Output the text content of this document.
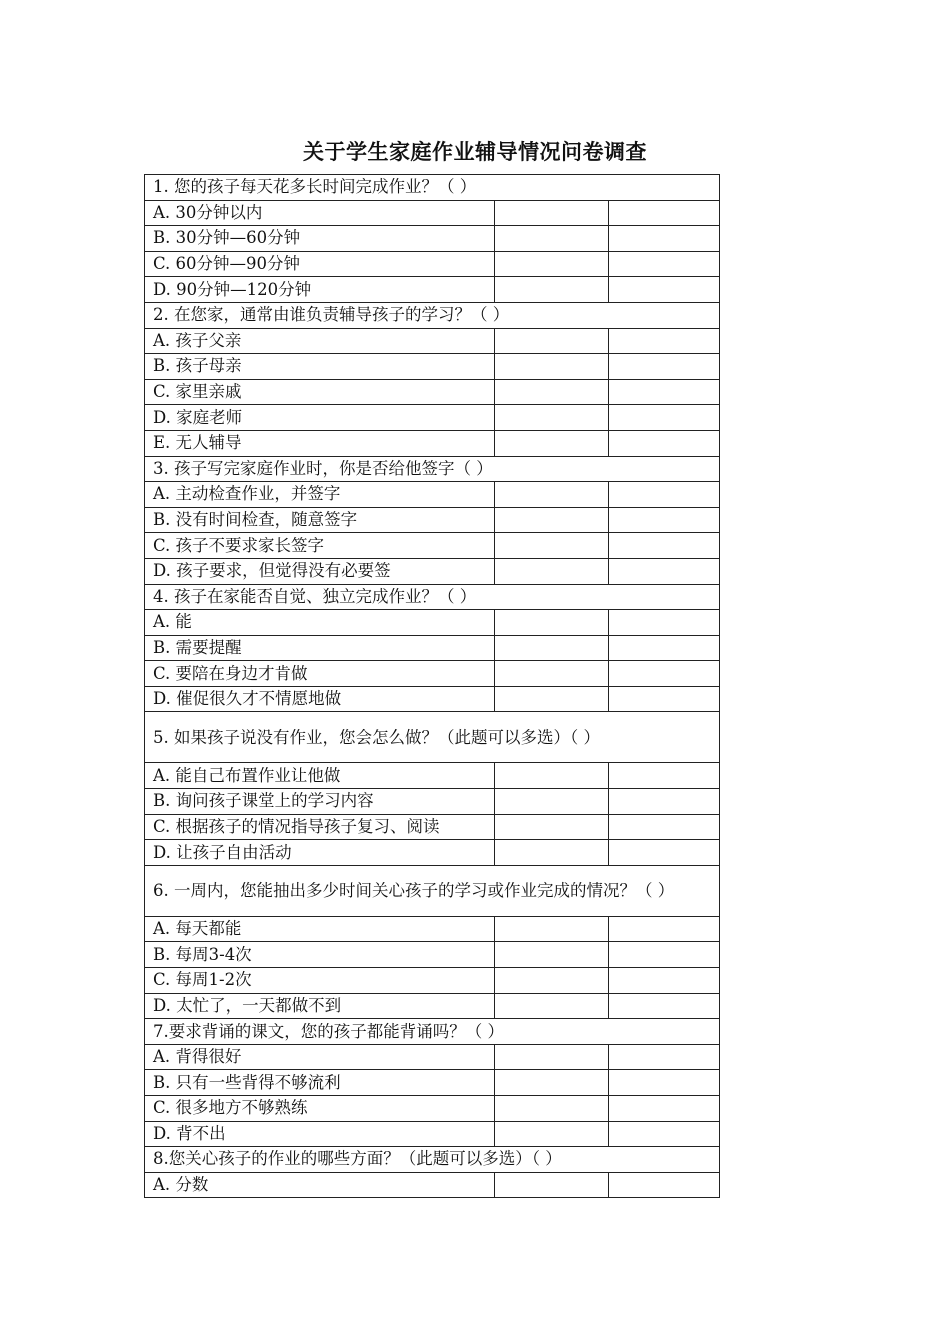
关于学生家庭作业辅导情况问卷调查
1. 您的孩子每天花多长时间完成作业？（ ）		
A. 30分钟以内		
B. 30分钟—60分钟		
C. 60分钟—90分钟		
D. 90分钟—120分钟		
2. 在您家，通常由谁负责辅导孩子的学习？（ ）		
A. 孩子父亲		
B. 孩子母亲		
C. 家里亲戚		
D. 家庭老师		
E. 无人辅导		
3. 孩子写完家庭作业时，你是否给他签字（ ）		
A. 主动检查作业，并签字		
B. 没有时间检查，随意签字		
C. 孩子不要求家长签字		
D. 孩子要求，但觉得没有必要签		
4. 孩子在家能否自觉、独立完成作业？（ ）		
A. 能		
B. 需要提醒		
C. 要陪在身边才肯做		
D. 催促很久才不情愿地做		
5. 如果孩子说没有作业，您会怎么做？（此题可以多选）（ ）		
A. 能自己布置作业让他做		
B. 询问孩子课堂上的学习内容		
C. 根据孩子的情况指导孩子复习、阅读		
D. 让孩子自由活动		
6. 一周内，您能抽出多少时间关心孩子的学习或作业完成的情况？（ ）		
A. 每天都能		
B. 每周3-4次		
C. 每周1-2次		
D. 太忙了，一天都做不到		
7.要求背诵的课文，您的孩子都能背诵吗？（ ）		
A. 背得很好		
B. 只有一些背得不够流利		
C. 很多地方不够熟练		
D. 背不出		
8.您关心孩子的作业的哪些方面？（此题可以多选）（ ）		
A. 分数		
